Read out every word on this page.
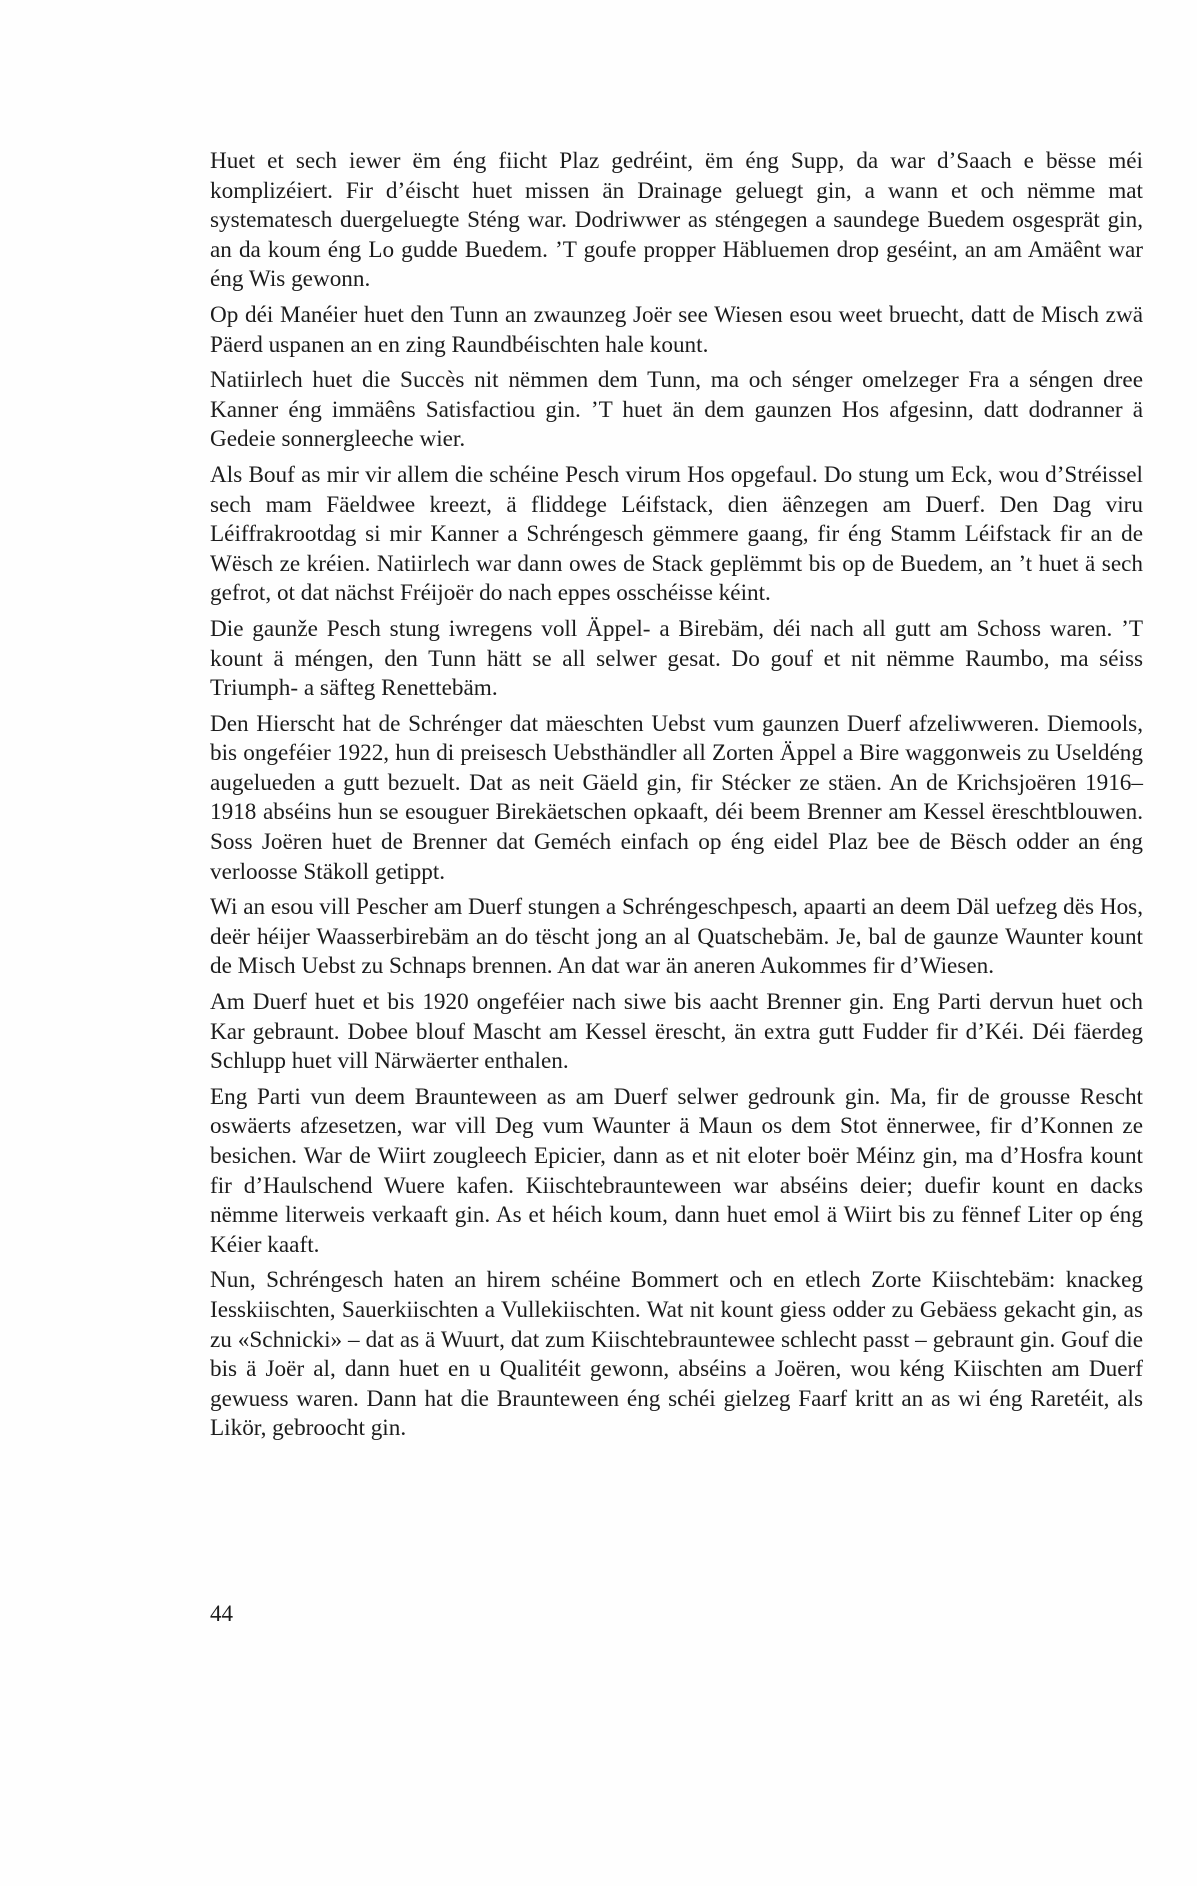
Huet et sech iewer ëm éng fiicht Plaz gedréint, ëm éng Supp, da war d’Saach e bësse méi komplizéiert. Fir d’éischt huet missen än Drainage geluegt gin, a wann et och nëmme mat systematesch duergeluegte Sténg war. Dodriwwer as sténgegen a saundege Buedem osgesprät gin, an da koum éng Lo gudde Buedem. ’T goufe propper Häbluemen drop geséint, an am Amäênt war éng Wis gewonn.

Op déi Manéier huet den Tunn an zwaunzeg Joër see Wiesen esou weet bruecht, datt de Misch zwä Päerd uspanen an en zing Raundbéischten hale kount.

Natiirlech huet die Succès nit nëmmen dem Tunn, ma och sénger omelzeger Fra a séngen dree Kanner éng immäêns Satisfactiou gin. ’T huet än dem gaunzen Hos afgesinn, datt dodranner ä Gedeie sonnergleeche wier.

Als Bouf as mir vir allem die schéine Pesch virum Hos opgefaul. Do stung um Eck, wou d’Stréissel sech mam Fäeldwee kreezt, ä fliddege Léifstack, dien äênzegen am Duerf. Den Dag viru Léiffrakrootdag si mir Kanner a Schréngesch gëmmere gaang, fir éng Stamm Léifstack fir an de Wësch ze kréien. Natiirlech war dann owes de Stack geplëmmt bis op de Buedem, an ’t huet ä sech gefrot, ot dat nächst Fréijoër do nach eppes osschéisse kéint.

Die gaunže Pesch stung iwregens voll Äppel- a Birebäm, déi nach all gutt am Schoss waren. ’T kount ä méngen, den Tunn hätt se all selwer gesat. Do gouf et nit nëmme Raumbo, ma séiss Triumph- a säfteg Renettebäm.

Den Hierscht hat de Schrénger dat mäeschten Uebst vum gaunzen Duerf afzeliwweren. Diemools, bis ongeféier 1922, hun di preisesch Uebsthändler all Zorten Äppel a Bire waggonweis zu Useldéng augelueden a gutt bezuelt. Dat as neit Gäeld gin, fir Stécker ze stäen. An de Krichsjoëren 1916–1918 abséins hun se esouguer Birekäetschen opkaaft, déi beem Brenner am Kessel ëreschtblouwen. Soss Joëren huet de Brenner dat Geméch einfach op éng eidel Plaz bee de Bësch odder an éng verloosse Stäkoll getippt.

Wi an esou vill Pescher am Duerf stungen a Schréngeschpesch, apaarti an deem Däl uefzeg dës Hos, deër héijer Waasserbirebäm an do tëscht jong an al Quatschebäm. Je, bal de gaunze Waunter kount de Misch Uebst zu Schnaps brennen. An dat war än aneren Aukommes fir d’Wiesen.

Am Duerf huet et bis 1920 ongeféier nach siwe bis aacht Brenner gin. Eng Parti dervun huet och Kar gebraunt. Dobee blouf Mascht am Kessel ërescht, än extra gutt Fudder fir d’Kéi. Déi fäerdeg Schlupp huet vill Närwäerter enthalen.

Eng Parti vun deem Braunteween as am Duerf selwer gedrounk gin. Ma, fir de grousse Rescht oswäerts afzesetzen, war vill Deg vum Waunter ä Maun os dem Stot ënnerwee, fir d’Konnen ze besichen. War de Wiirt zougleech Epicier, dann as et nit eloter boër Méinz gin, ma d’Hosfra kount fir d’Haulschend Wuere kafen. Kiischtebraunteween war abséins deier; duefir kount en dacks nëmme literweis verkaaft gin. As et héich koum, dann huet emol ä Wiirt bis zu fënnef Liter op éng Kéier kaaft.

Nun, Schréngesch haten an hirem schéine Bommert och en etlech Zorte Kiischtebäm: knackeg Iesskiischten, Sauerkiischten a Vullekiischten. Wat nit kount giess odder zu Gebäess gekacht gin, as zu «Schnicki» – dat as ä Wuurt, dat zum Kiischtebraunteweе schlecht passt – gebraunt gin. Gouf die bis ä Joër al, dann huet en u Qualitéit gewonn, abséins a Joëren, wou kéng Kiischten am Duerf gewuess waren. Dann hat die Braunteween éng schéi gielzeg Faarf kritt an as wi éng Raretéit, als Likör, gebroocht gin.

44
